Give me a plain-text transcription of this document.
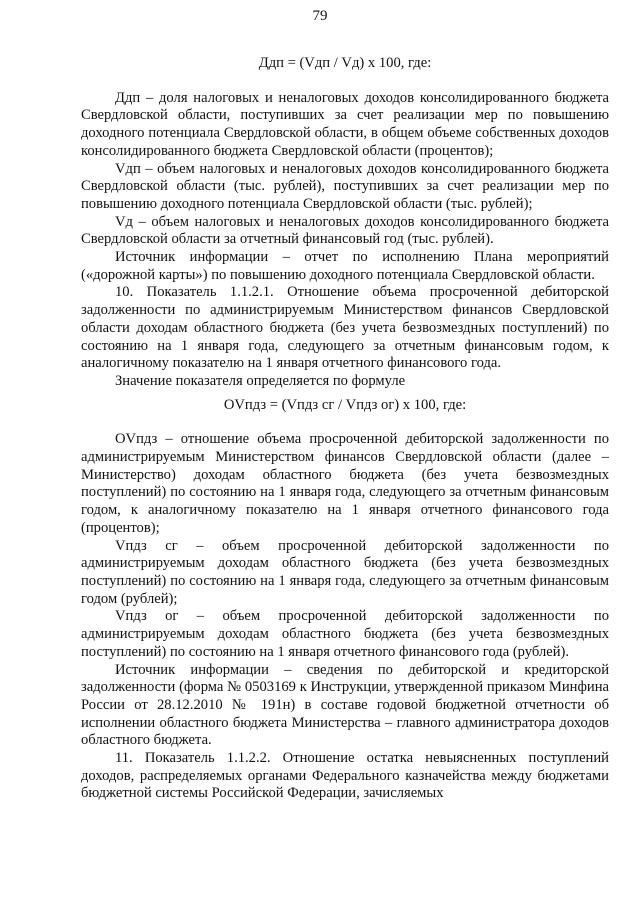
79
Ддп = (Vдп / Vд) х 100, где:

Ддп – доля налоговых и неналоговых доходов консолидированного бюджета Свердловской области, поступивших за счет реализации мер по повышению доходного потенциала Свердловской области, в общем объеме собственных доходов консолидированного бюджета Свердловской области (процентов);

Vдп – объем налоговых и неналоговых доходов консолидированного бюджета Свердловской области (тыс. рублей), поступивших за счет реализации мер по повышению доходного потенциала Свердловской области (тыс. рублей);

Vд – объем налоговых и неналоговых доходов консолидированного бюджета Свердловской области за отчетный финансовый год (тыс. рублей).

Источник информации – отчет по исполнению Плана мероприятий («дорожной карты») по повышению доходного потенциала Свердловской области.

10. Показатель 1.1.2.1. Отношение объема просроченной дебиторской задолженности по администрируемым Министерством финансов Свердловской области доходам областного бюджета (без учета безвозмездных поступлений) по состоянию на 1 января года, следующего за отчетным финансовым годом, к аналогичному показателю на 1 января отчетного финансового года.

Значение показателя определяется по формуле

OVпдз = (Vпдз сг / Vпдз ог) х 100, где:

OVпдз – отношение объема просроченной дебиторской задолженности по администрируемым Министерством финансов Свердловской области (далее – Министерство) доходам областного бюджета (без учета безвозмездных поступлений) по состоянию на 1 января года, следующего за отчетным финансовым годом, к аналогичному показателю на 1 января отчетного финансового года (процентов);

Vпдз сг – объем просроченной дебиторской задолженности по администрируемым доходам областного бюджета (без учета безвозмездных поступлений) по состоянию на 1 января года, следующего за отчетным финансовым годом (рублей);

Vпдз ог – объем просроченной дебиторской задолженности по администрируемым доходам областного бюджета (без учета безвозмездных поступлений) по состоянию на 1 января отчетного финансового года (рублей).

Источник информации – сведения по дебиторской и кредиторской задолженности (форма № 0503169 к Инструкции, утвержденной приказом Минфина России от 28.12.2010 № 191н) в составе годовой бюджетной отчетности об исполнении областного бюджета Министерства – главного администратора доходов областного бюджета.

11. Показатель 1.1.2.2. Отношение остатка невыясненных поступлений доходов, распределяемых органами Федерального казначейства между бюджетами бюджетной системы Российской Федерации, зачисляемых
